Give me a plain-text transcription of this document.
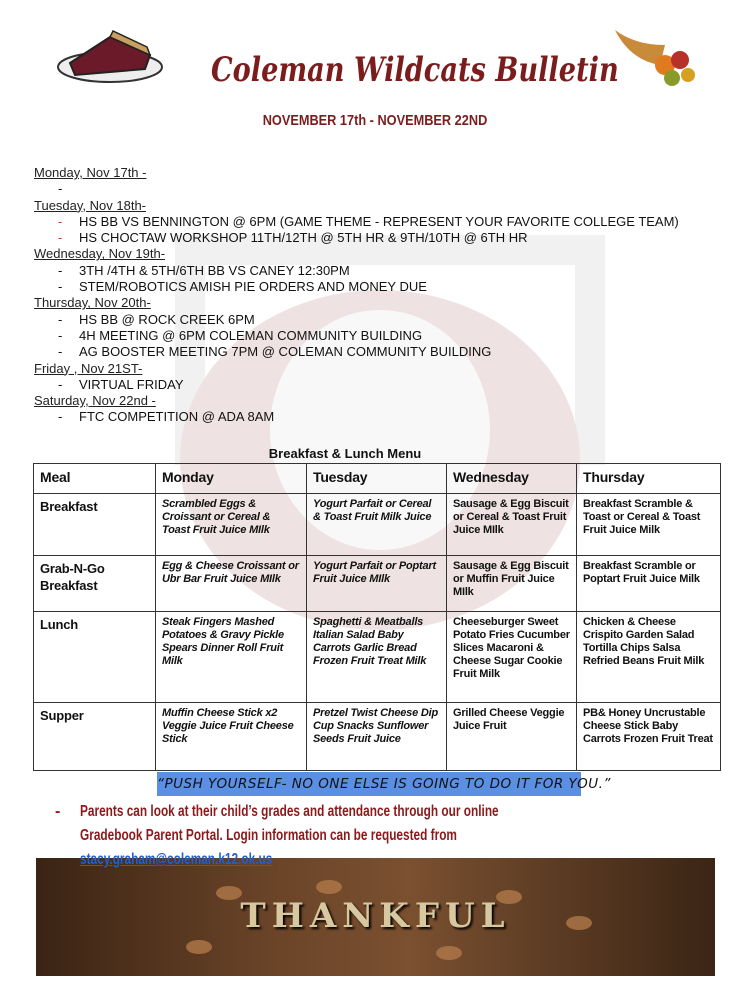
Coleman Wildcats Bulletin
NOVEMBER 17th - NOVEMBER 22ND
Monday, Nov 17th -
-
Tuesday, Nov 18th-
-	HS BB VS BENNINGTON @ 6PM (GAME THEME - REPRESENT YOUR FAVORITE COLLEGE TEAM)
-	HS CHOCTAW WORKSHOP 11TH/12TH @ 5TH HR & 9TH/10TH @ 6TH HR
Wednesday, Nov 19th-
-	3TH /4TH & 5TH/6TH BB VS CANEY 12:30PM
-	STEM/ROBOTICS AMISH PIE ORDERS AND MONEY DUE
Thursday, Nov 20th-
-	HS BB @ ROCK CREEK 6PM
-	4H MEETING @ 6PM COLEMAN COMMUNITY BUILDING
-	AG BOOSTER MEETING 7PM @ COLEMAN COMMUNITY BUILDING
Friday , Nov 21ST-
-	VIRTUAL FRIDAY
Saturday, Nov 22nd -
-	FTC COMPETITION @ ADA 8AM
Breakfast & Lunch Menu
Meal	Monday	Tuesday	Wednesday	Thursday
Breakfast	Scrambled Eggs & Croissant or Cereal & Toast Fruit Juice MIlk	Yogurt Parfait or Cereal & Toast Fruit Milk Juice	Sausage & Egg Biscuit or Cereal & Toast Fruit Juice MIlk	Breakfast Scramble & Toast or Cereal & Toast Fruit Juice Milk
Grab-N-Go Breakfast	Egg & Cheese Croissant or Ubr Bar Fruit Juice MIlk	Yogurt Parfait or Poptart Fruit Juice MIlk	Sausage & Egg Biscuit or Muffin Fruit Juice MIlk	Breakfast Scramble or Poptart Fruit Juice Milk
Lunch	Steak Fingers Mashed Potatoes & Gravy Pickle Spears Dinner Roll Fruit Milk	Spaghetti & Meatballs Italian Salad Baby Carrots Garlic Bread Frozen Fruit Treat Milk	Cheeseburger Sweet Potato Fries Cucumber Slices Macaroni & Cheese Sugar Cookie Fruit Milk	Chicken & Cheese Crispito Garden Salad Tortilla Chips Salsa Refried Beans Fruit Milk
Supper	Muffin Cheese Stick x2 Veggie Juice Fruit Cheese Stick	Pretzel Twist Cheese Dip Cup Snacks Sunflower Seeds Fruit Juice	Grilled Cheese Veggie Juice Fruit	PB& Honey Uncrustable Cheese Stick Baby Carrots Frozen Fruit Treat
“PUSH YOURSELF- NO ONE ELSE IS GOING TO DO IT FOR YOU.”
-	Parents can look at their child’s grades and attendance through our online Gradebook Parent Portal. Login information can be requested from stacy.graham@coleman.k12.ok.us
THANKFUL
